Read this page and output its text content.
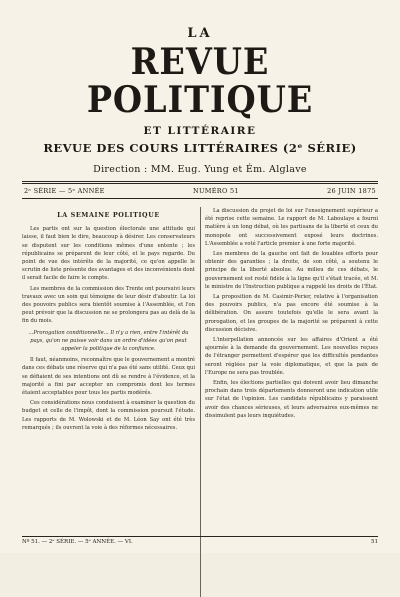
LA
REVUE POLITIQUE
ET LITTÉRAIRE
REVUE DES COURS LITTÉRAIRES (2ᵉ SÉRIE)
Direction : MM. Eug. Yung et Ém. Alglave
2ᵉ SÉRIE — 5ᵉ ANNÉE	NUMÉRO 51	26 JUIN 1875
LA SEMAINE POLITIQUE

Les partis ont sur la question électorale une attitude qui laisse, il faut bien le dire, beaucoup à désirer. Les conservateurs se disputent sur les conditions mêmes d'une entente ; les républicains se préparent de leur côté, et le pays regarde. Du point de vue des intérêts de la majorité, ce qu'on appelle le scrutin de liste présente des avantages et des inconvénients dont il serait facile de faire le compte.

Les membres de la commission des Trente ont poursuivi leurs travaux avec un soin qui témoigne de leur désir d'aboutir. La loi des pouvoirs publics sera bientôt soumise à l'Assemblée, et l'on peut prévoir que la discussion ne se prolongera pas au delà de la fin du mois.

...Prorogation conditionnelle... Il n'y a rien, entre l'intérêt du pays, qu'on ne puisse voir dans un ordre d'idées qu'on peut appeler la politique de la confiance.

Il faut, néanmoins, reconnaître que le gouvernement a montré dans ces débats une réserve qui n'a pas été sans utilité. Ceux qui se défiaient de ses intentions ont dû se rendre à l'évidence, et la majorité a fini par accepter un compromis dont les termes étaient acceptables pour tous les partis modérés.

Ces considérations nous conduisent à examiner la question du budget et celle de l'impôt, dont la commission poursuit l'étude. Les rapports de M. Wolowski et de M. Léon Say ont été très remarqués ; ils ouvrent la voie à des réformes nécessaires.

La discussion du projet de loi sur l'enseignement supérieur a été reprise cette semaine. Le rapport de M. Laboulaye a fourni matière à un long débat, où les partisans de la liberté et ceux du monopole ont successivement exposé leurs doctrines. L'Assemblée a voté l'article premier à une forte majorité.

Les membres de la gauche ont fait de louables efforts pour obtenir des garanties ; la droite, de son côté, a soutenu le principe de la liberté absolue. Au milieu de ces débats, le gouvernement est resté fidèle à la ligne qu'il s'était tracée, et M. le ministre de l'Instruction publique a rappelé les droits de l'État.

La proposition de M. Casimir-Perier, relative à l'organisation des pouvoirs publics, n'a pas encore été soumise à la délibération. On assure toutefois qu'elle le sera avant la prorogation, et les groupes de la majorité se préparent à cette discussion décisive.

L'interpellation annoncée sur les affaires d'Orient a été ajournée à la demande du gouvernement. Les nouvelles reçues de l'étranger permettent d'espérer que les difficultés pendantes seront réglées par la voie diplomatique, et que la paix de l'Europe ne sera pas troublée.

Enfin, les élections partielles qui doivent avoir lieu dimanche prochain dans trois départements donneront une indication utile sur l'état de l'opinion. Les candidats républicains y paraissent avoir des chances sérieuses, et leurs adversaires eux-mêmes ne dissimulent pas leurs inquiétudes.

Nº 51. — 2ᵉ SÉRIE. — 5ᵉ ANNÉE. — VI.	51
